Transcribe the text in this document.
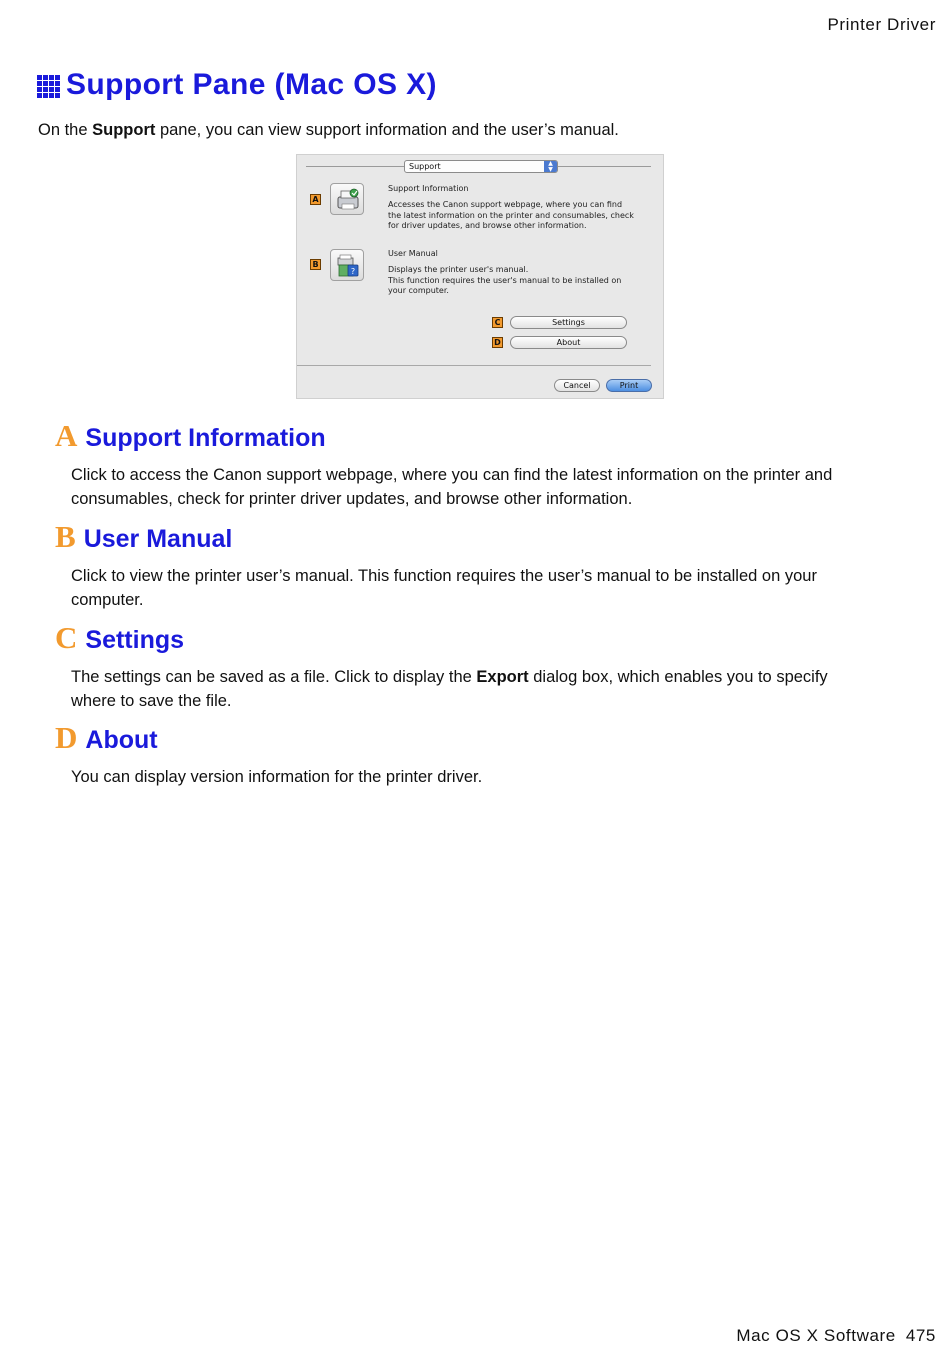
Printer Driver
Support Pane (Mac OS X)

On the Support pane, you can view support information and the user’s manual.

Support	▲
▼
A
Support Information
Accesses the Canon support webpage, where you can find
the latest information on the printer and consumables, check
for driver updates, and browse other information.
B
?
User Manual
Displays the printer user's manual.
This function requires the user's manual to be installed on
your computer.
C	Settings
D	About
Cancel	Print
A Support Information

Click to access the Canon support webpage, where you can find the latest information on the printer and consumables, check for printer driver updates, and browse other information.

B User Manual

Click to view the printer user’s manual. This function requires the user’s manual to be installed on your computer.

C Settings

The settings can be saved as a file. Click to display the Export dialog box, which enables you to specify where to save the file.

D About

You can display version information for the printer driver.

Mac OS X Software 475
